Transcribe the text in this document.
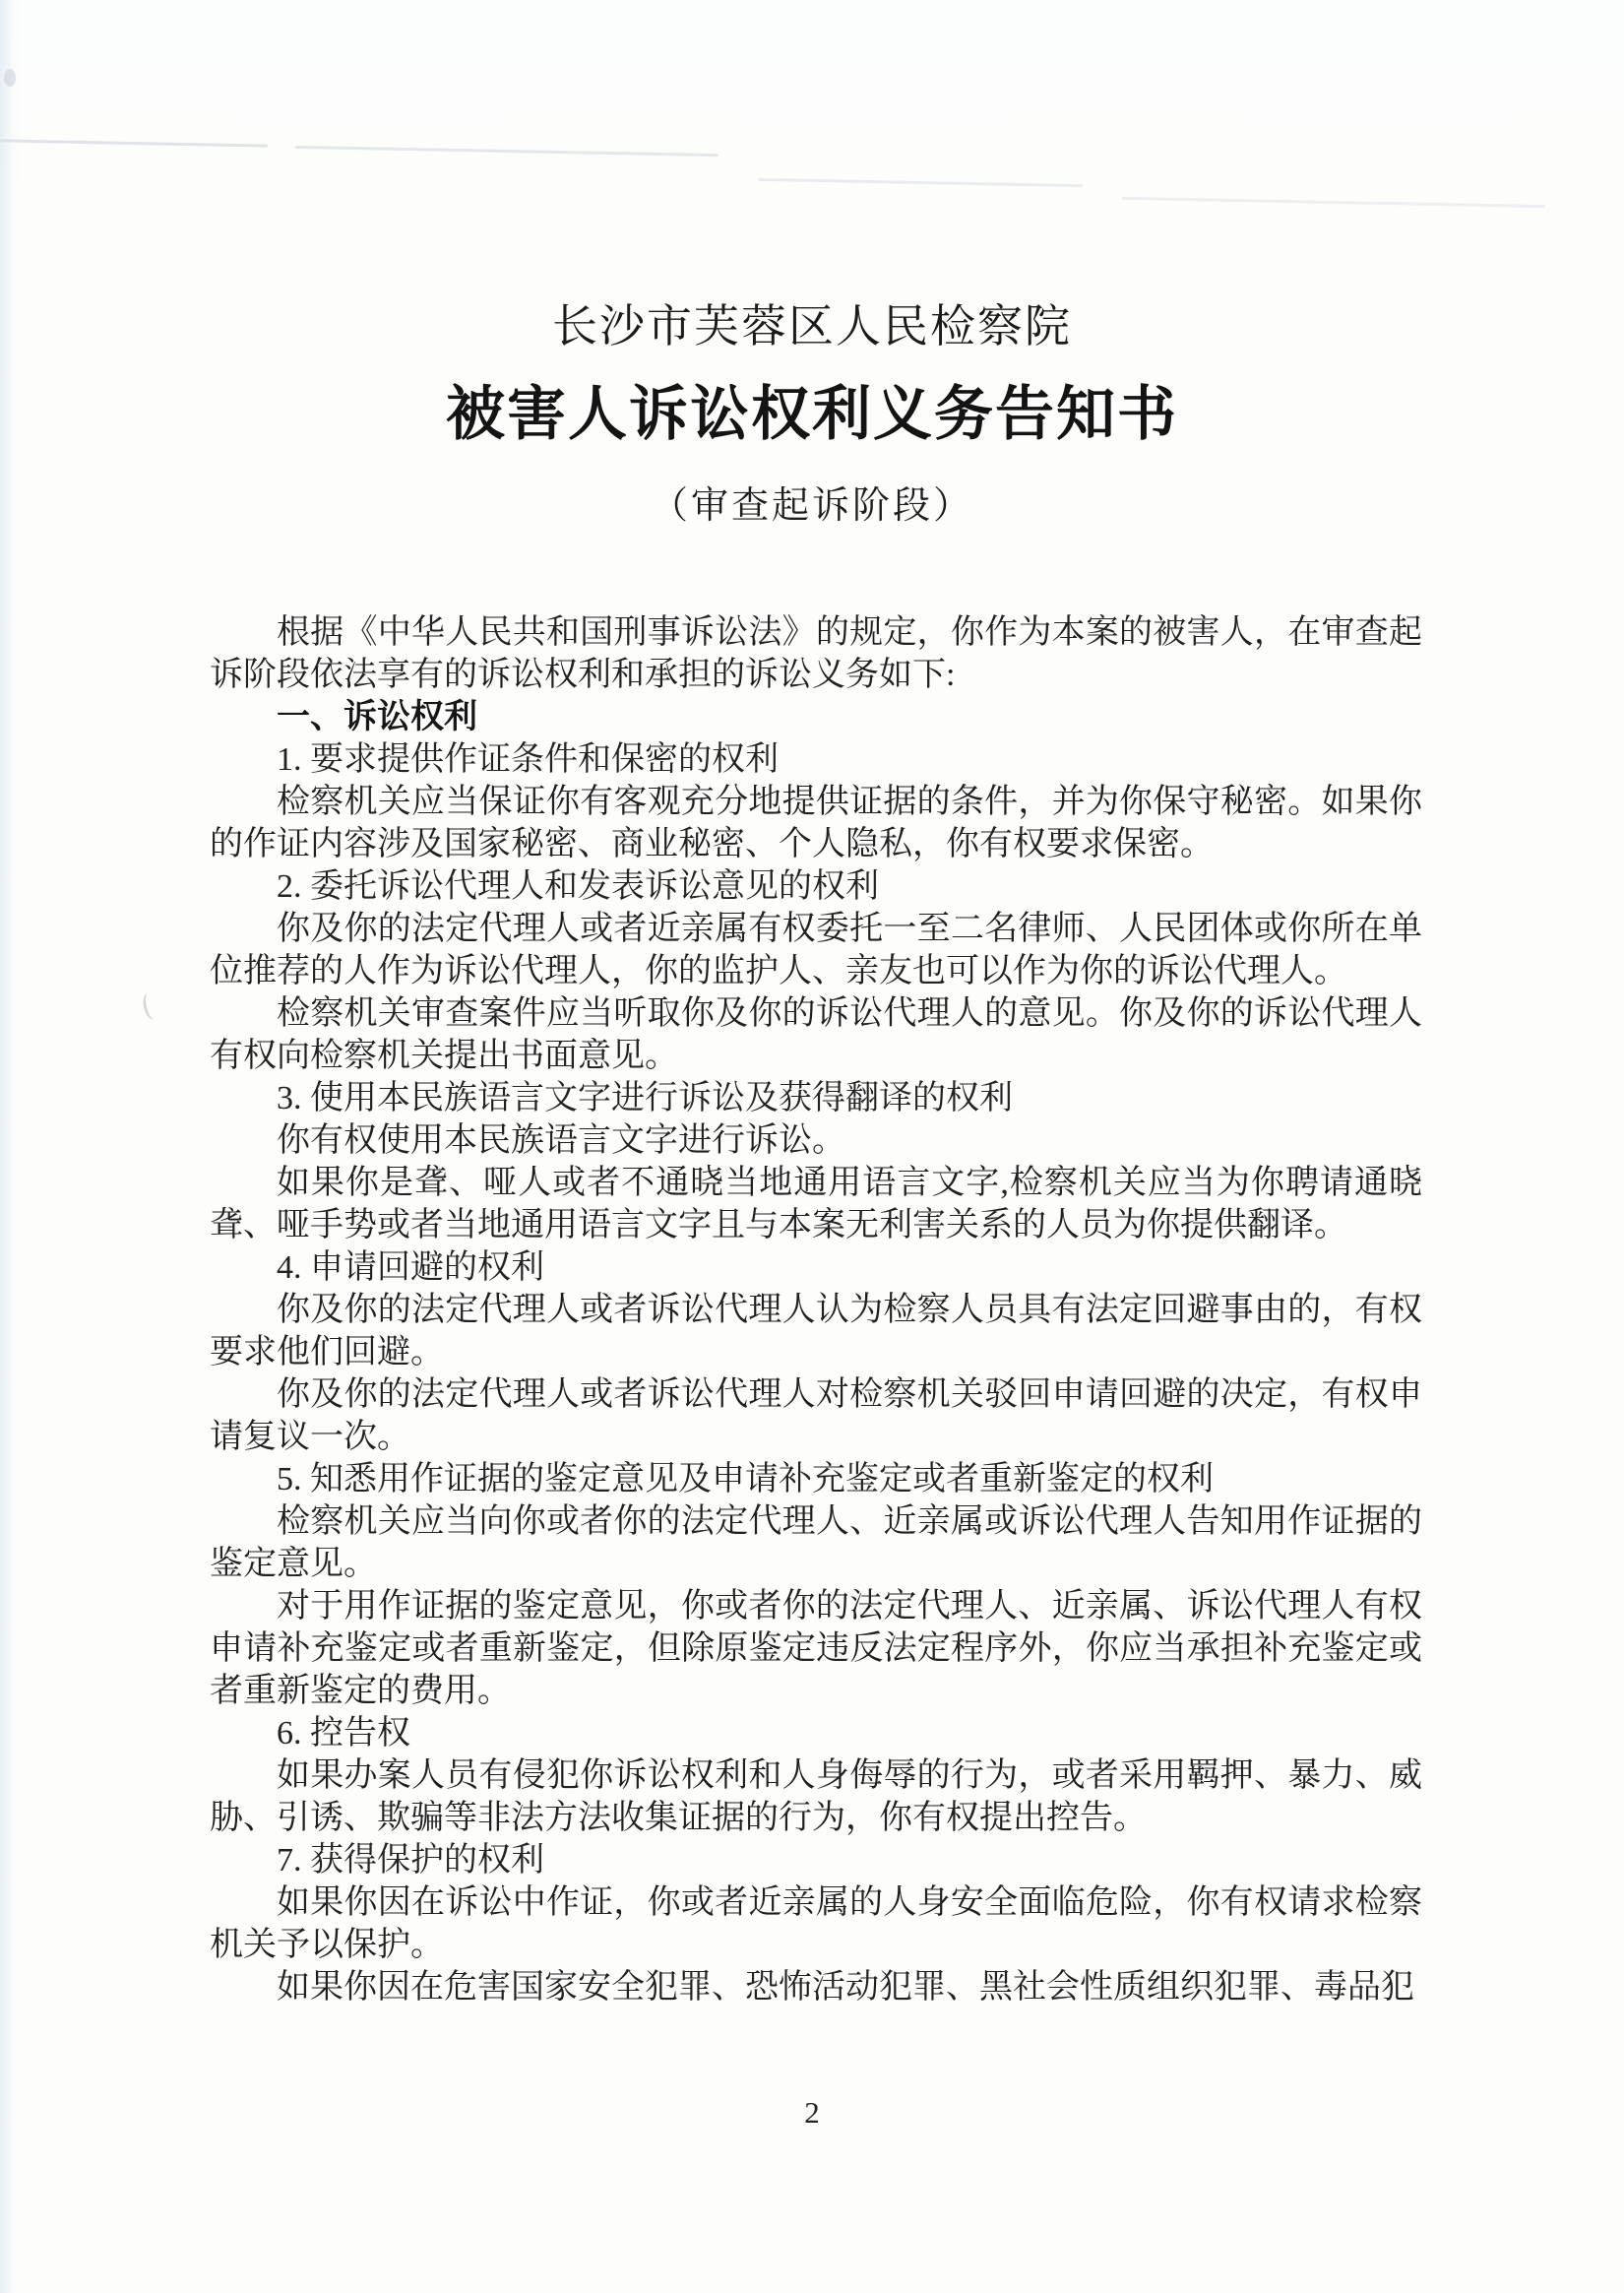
长沙市芙蓉区人民检察院
被害人诉讼权利义务告知书
（审查起诉阶段）

根据《中华人民共和国刑事诉讼法》的规定，你作为本案的被害人，在审查起诉阶段依法享有的诉讼权利和承担的诉讼义务如下:

一、诉讼权利

1. 要求提供作证条件和保密的权利

检察机关应当保证你有客观充分地提供证据的条件，并为你保守秘密。如果你的作证内容涉及国家秘密、商业秘密、个人隐私，你有权要求保密。

2. 委托诉讼代理人和发表诉讼意见的权利

你及你的法定代理人或者近亲属有权委托一至二名律师、人民团体或你所在单位推荐的人作为诉讼代理人，你的监护人、亲友也可以作为你的诉讼代理人。

检察机关审查案件应当听取你及你的诉讼代理人的意见。你及你的诉讼代理人有权向检察机关提出书面意见。

3. 使用本民族语言文字进行诉讼及获得翻译的权利

你有权使用本民族语言文字进行诉讼。

如果你是聋、哑人或者不通晓当地通用语言文字,检察机关应当为你聘请通晓聋、哑手势或者当地通用语言文字且与本案无利害关系的人员为你提供翻译。

4. 申请回避的权利

你及你的法定代理人或者诉讼代理人认为检察人员具有法定回避事由的，有权要求他们回避。

你及你的法定代理人或者诉讼代理人对检察机关驳回申请回避的决定，有权申请复议一次。

5. 知悉用作证据的鉴定意见及申请补充鉴定或者重新鉴定的权利

检察机关应当向你或者你的法定代理人、近亲属或诉讼代理人告知用作证据的鉴定意见。

对于用作证据的鉴定意见，你或者你的法定代理人、近亲属、诉讼代理人有权申请补充鉴定或者重新鉴定，但除原鉴定违反法定程序外，你应当承担补充鉴定或者重新鉴定的费用。

6. 控告权

如果办案人员有侵犯你诉讼权利和人身侮辱的行为，或者采用羁押、暴力、威胁、引诱、欺骗等非法方法收集证据的行为，你有权提出控告。

7. 获得保护的权利

如果你因在诉讼中作证，你或者近亲属的人身安全面临危险，你有权请求检察机关予以保护。

如果你因在危害国家安全犯罪、恐怖活动犯罪、黑社会性质组织犯罪、毒品犯

2
